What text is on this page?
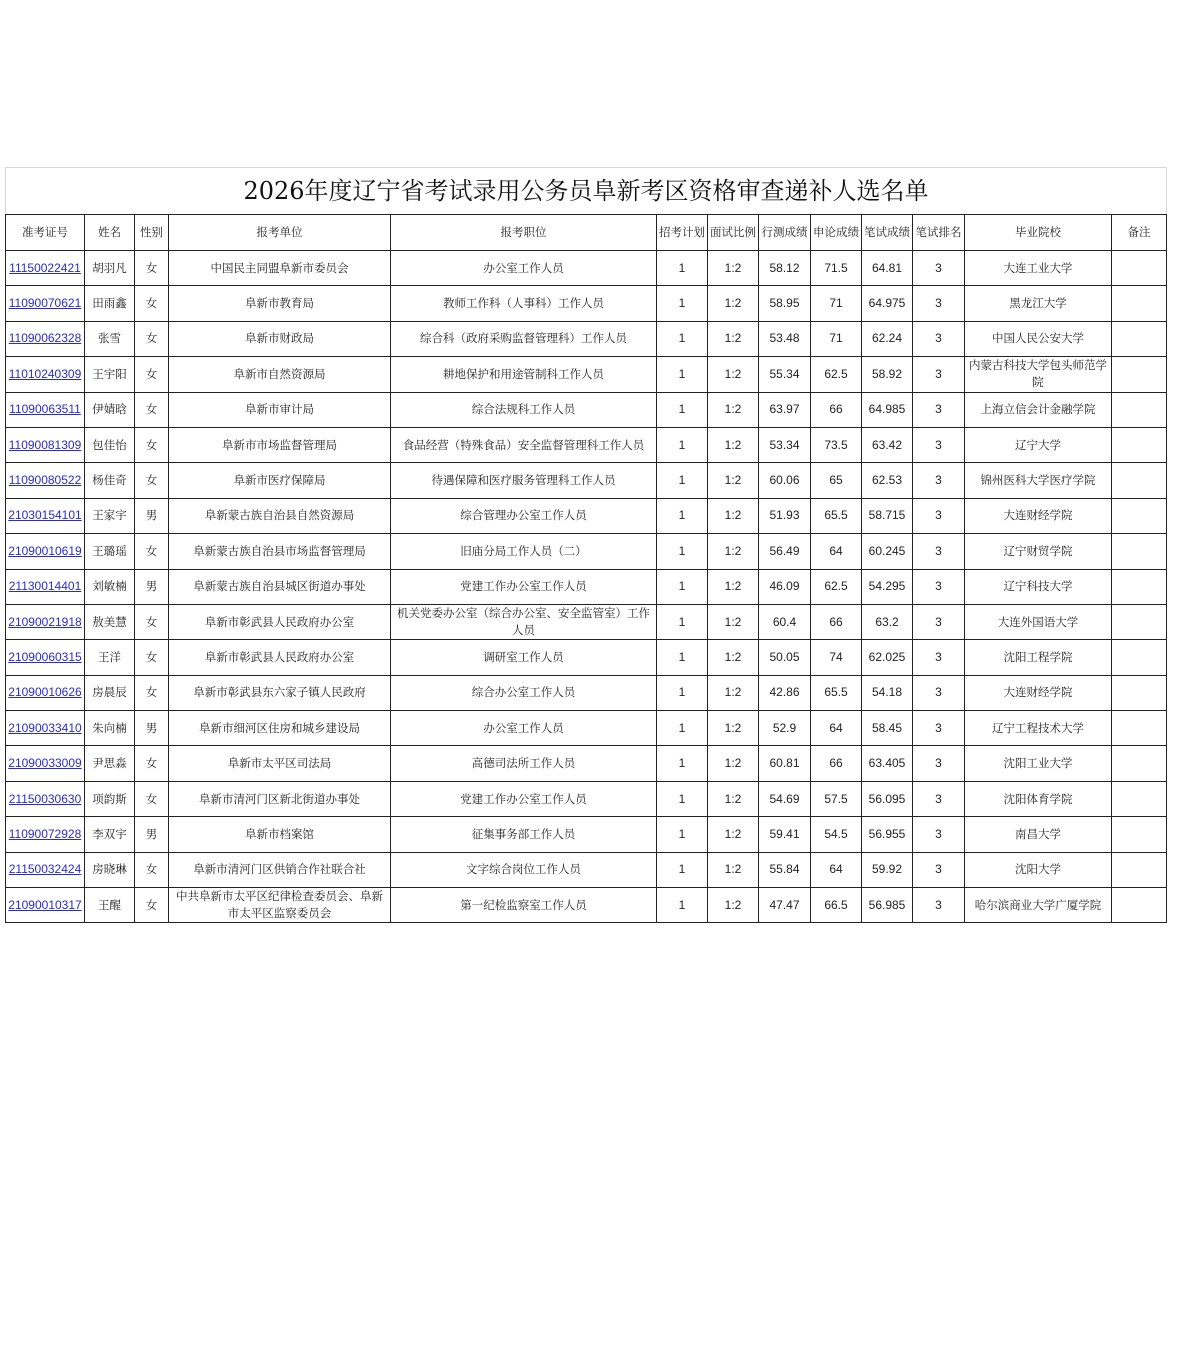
2026年度辽宁省考试录用公务员阜新考区资格审查递补人选名单
准考证号	姓名	性别	报考单位	报考职位	招考计划	面试比例	行测成绩	申论成绩	笔试成绩	笔试排名	毕业院校	备注
11150022421	胡羽凡	女	中国民主同盟阜新市委员会	办公室工作人员	1	1:2	58.12	71.5	64.81	3	大连工业大学	
11090070621	田雨鑫	女	阜新市教育局	教师工作科（人事科）工作人员	1	1:2	58.95	71	64.975	3	黑龙江大学	
11090062328	张雪	女	阜新市财政局	综合科（政府采购监督管理科）工作人员	1	1:2	53.48	71	62.24	3	中国人民公安大学	
11010240309	王宇阳	女	阜新市自然资源局	耕地保护和用途管制科工作人员	1	1:2	55.34	62.5	58.92	3	内蒙古科技大学包头师范学院	
11090063511	伊婧晗	女	阜新市审计局	综合法规科工作人员	1	1:2	63.97	66	64.985	3	上海立信会计金融学院	
11090081309	包佳怡	女	阜新市市场监督管理局	食品经营（特殊食品）安全监督管理科工作人员	1	1:2	53.34	73.5	63.42	3	辽宁大学	
11090080522	杨佳奇	女	阜新市医疗保障局	待遇保障和医疗服务管理科工作人员	1	1:2	60.06	65	62.53	3	锦州医科大学医疗学院	
21030154101	王家宇	男	阜新蒙古族自治县自然资源局	综合管理办公室工作人员	1	1:2	51.93	65.5	58.715	3	大连财经学院	
21090010619	王璐瑶	女	阜新蒙古族自治县市场监督管理局	旧庙分局工作人员（二）	1	1:2	56.49	64	60.245	3	辽宁财贸学院	
21130014401	刘敏楠	男	阜新蒙古族自治县城区街道办事处	党建工作办公室工作人员	1	1:2	46.09	62.5	54.295	3	辽宁科技大学	
21090021918	敖美慧	女	阜新市彰武县人民政府办公室	机关党委办公室（综合办公室、安全监管室）工作人员	1	1:2	60.4	66	63.2	3	大连外国语大学	
21090060315	王洋	女	阜新市彰武县人民政府办公室	调研室工作人员	1	1:2	50.05	74	62.025	3	沈阳工程学院	
21090010626	房晨辰	女	阜新市彰武县东六家子镇人民政府	综合办公室工作人员	1	1:2	42.86	65.5	54.18	3	大连财经学院	
21090033410	朱向楠	男	阜新市细河区住房和城乡建设局	办公室工作人员	1	1:2	52.9	64	58.45	3	辽宁工程技术大学	
21090033009	尹思淼	女	阜新市太平区司法局	高德司法所工作人员	1	1:2	60.81	66	63.405	3	沈阳工业大学	
21150030630	项韵斯	女	阜新市清河门区新北街道办事处	党建工作办公室工作人员	1	1:2	54.69	57.5	56.095	3	沈阳体育学院	
11090072928	李双宇	男	阜新市档案馆	征集事务部工作人员	1	1:2	59.41	54.5	56.955	3	南昌大学	
21150032424	房晓琳	女	阜新市清河门区供销合作社联合社	文字综合岗位工作人员	1	1:2	55.84	64	59.92	3	沈阳大学	
21090010317	王醒	女	中共阜新市太平区纪律检查委员会、阜新市太平区监察委员会	第一纪检监察室工作人员	1	1:2	47.47	66.5	56.985	3	哈尔滨商业大学广厦学院	
